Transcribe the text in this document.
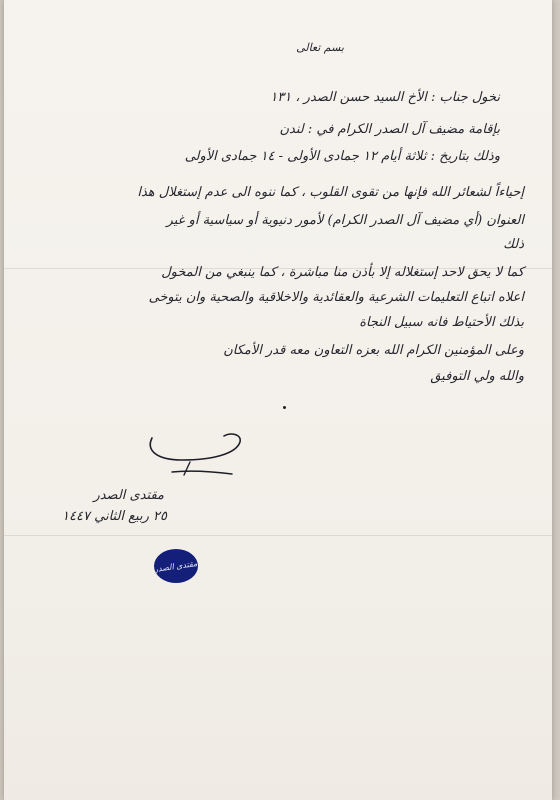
بسم تعالى
نخول جناب : الأخ السيد حسن الصدر ، ١٣١
بإقامة مضيف آل الصدر الكرام في : لندن
وذلك بتاريخ : ثلاثة أيام ١٢ جمادى الأولى - ١٤ جمادى الأولى
إحياءاً لشعائر الله فإنها من تقوى القلوب ، كما ننوه الى عدم إستغلال هذا
العنوان (أي مضيف آل الصدر الكرام) لأمور دنيوية أو سياسية أو غير
ذلك
كما لا يحق لاحد إستغلاله إلا بأذن منا مباشرة ، كما ينبغي من المخول
اعلاه اتباع التعليمات الشرعية والعقائدية والاخلاقية والصحية وان يتوخى
بذلك الأحتياط فانه سبيل النجاة
وعلى المؤمنين الكرام الله بعزه التعاون معه قدر الأمكان
والله ولي التوفيق
مقتدى الصدر
٢٥ ربيع الثاني ١٤٤٧
مقتدى الصدر
